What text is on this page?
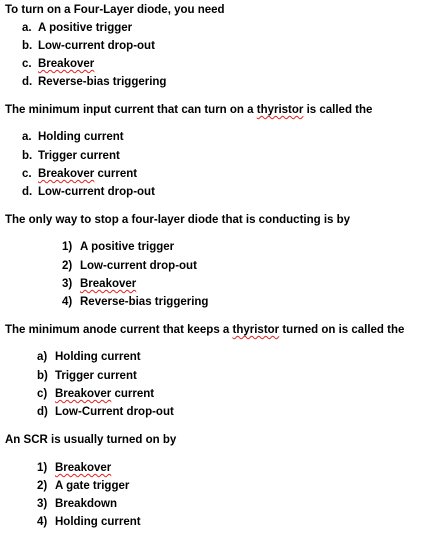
To turn on a Four-Layer diode, you need
a. A positive trigger
b. Low-current drop-out
c. Breakover
d. Reverse-bias triggering
The minimum input current that can turn on a thyristor is called the
a. Holding current
b. Trigger current
c. Breakover current
d. Low-current drop-out
The only way to stop a four-layer diode that is conducting is by
1) A positive trigger
2) Low-current drop-out
3) Breakover
4) Reverse-bias triggering
The minimum anode current that keeps a thyristor turned on is called the
a) Holding current
b) Trigger current
c) Breakover current
d) Low-Current drop-out
An SCR is usually turned on by
1) Breakover
2) A gate trigger
3) Breakdown
4) Holding current
